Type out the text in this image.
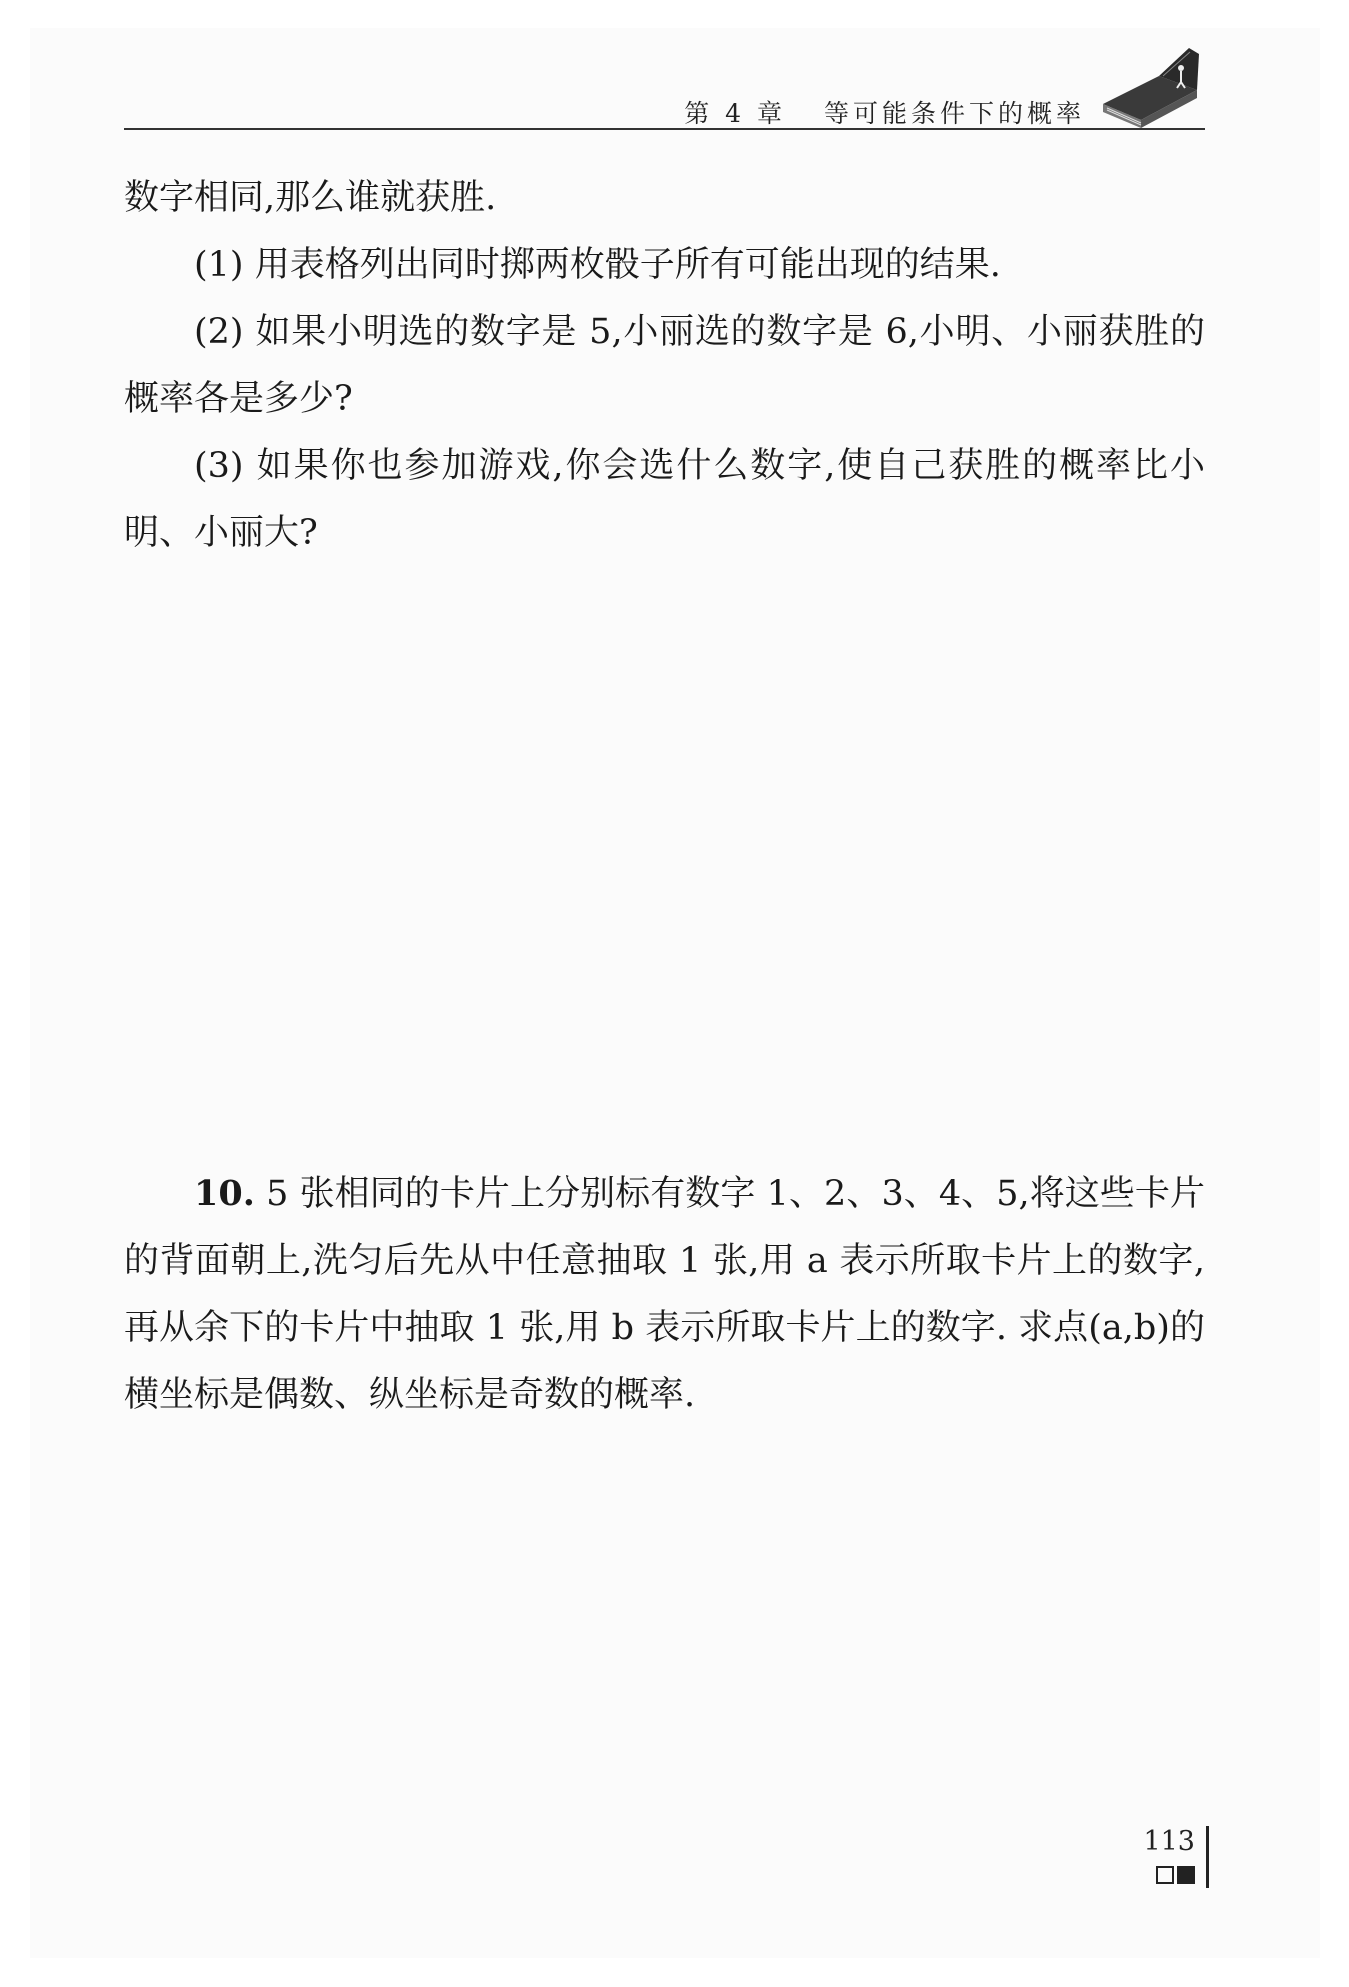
第 4 章 等可能条件下的概率

数字相同,那么谁就获胜.

(1) 用表格列出同时掷两枚骰子所有可能出现的结果.

(2) 如果小明选的数字是 5,小丽选的数字是 6,小明、小丽获胜的概率各是多少?

(3) 如果你也参加游戏,你会选什么数字,使自己获胜的概率比小明、小丽大?

10. 5 张相同的卡片上分别标有数字 1、2、3、4、5,将这些卡片的背面朝上,洗匀后先从中任意抽取 1 张,用 a 表示所取卡片上的数字,再从余下的卡片中抽取 1 张,用 b 表示所取卡片上的数字. 求点(a,b)的横坐标是偶数、纵坐标是奇数的概率.

113
